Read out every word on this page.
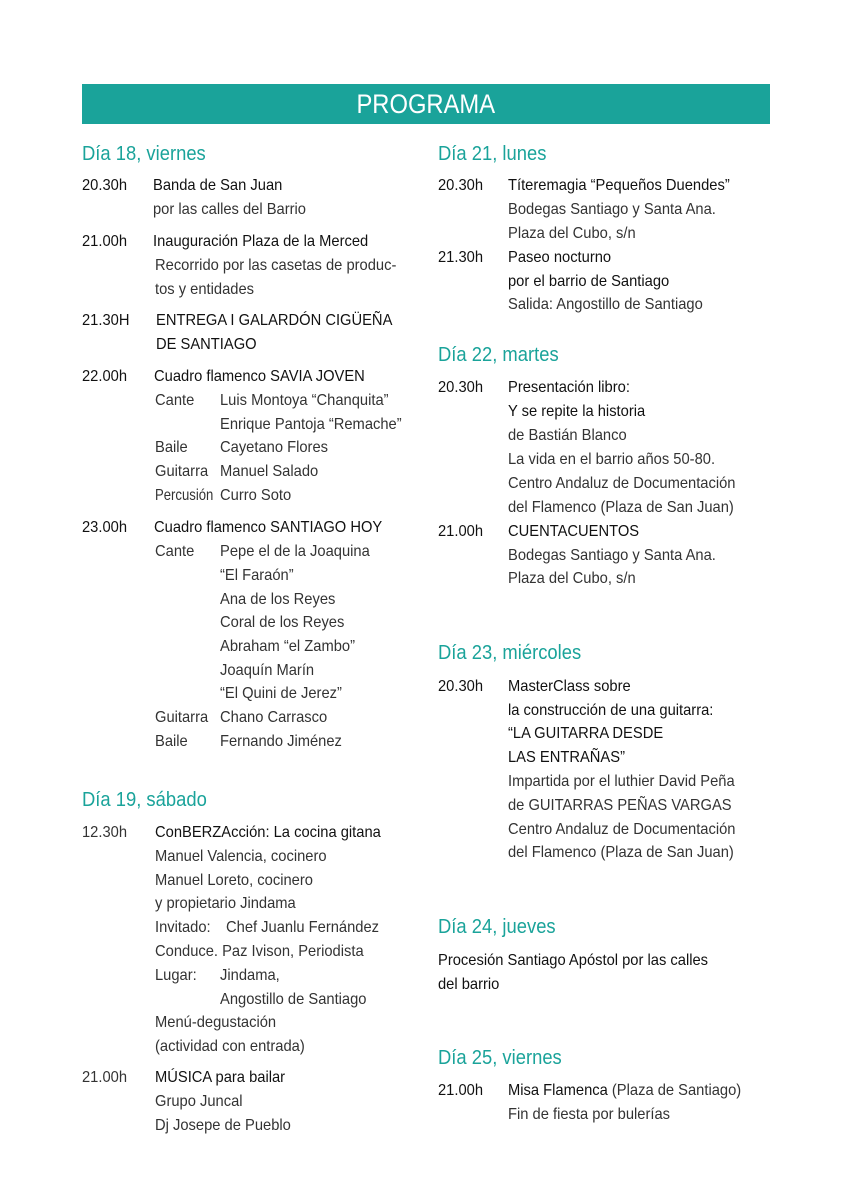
PROGRAMA
Día 18, viernes
20.30h Banda de San Juan
por las calles del Barrio
21.00h Inauguración Plaza de la Merced
Recorrido por las casetas de produc-
tos y entidades
21.30H ENTREGA I GALARDÓN CIGÜEÑA
DE SANTIAGO
22.00h Cuadro flamenco SAVIA JOVEN
Cante Luis Montoya “Chanquita”
Enrique Pantoja “Remache”
Baile Cayetano Flores
Guitarra Manuel Salado
Percusión Curro Soto
23.00h Cuadro flamenco SANTIAGO HOY
Cante Pepe el de la Joaquina
“El Faraón”
Ana de los Reyes
Coral de los Reyes
Abraham “el Zambo”
Joaquín Marín
“El Quini de Jerez”
Guitarra Chano Carrasco
Baile Fernando Jiménez
Día 19, sábado
12.30h ConBERZAcción: La cocina gitana
Manuel Valencia, cocinero
Manuel Loreto, cocinero
y propietario Jindama
Invitado: Chef Juanlu Fernández
Conduce. Paz Ivison, Periodista
Lugar: Jindama,
Angostillo de Santiago
Menú-degustación
(actividad con entrada)
21.00h MÚSICA para bailar
Grupo Juncal
Dj Josepe de Pueblo
Día 21, lunes
20.30h Títeremagia “Pequeños Duendes”
Bodegas Santiago y Santa Ana.
Plaza del Cubo, s/n
21.30h Paseo nocturno
por el barrio de Santiago
Salida: Angostillo de Santiago
Día 22, martes
20.30h Presentación libro:
Y se repite la historia
de Bastián Blanco
La vida en el barrio años 50-80.
Centro Andaluz de Documentación
del Flamenco (Plaza de San Juan)
21.00h CUENTACUENTOS
Bodegas Santiago y Santa Ana.
Plaza del Cubo, s/n
Día 23, miércoles
20.30h MasterClass sobre
la construcción de una guitarra:
“LA GUITARRA DESDE
LAS ENTRAÑAS”
Impartida por el luthier David Peña
de GUITARRAS PEÑAS VARGAS
Centro Andaluz de Documentación
del Flamenco (Plaza de San Juan)
Día 24, jueves
Procesión Santiago Apóstol por las calles
del barrio
Día 25, viernes
21.00h Misa Flamenca (Plaza de Santiago)
Fin de fiesta por bulerías
